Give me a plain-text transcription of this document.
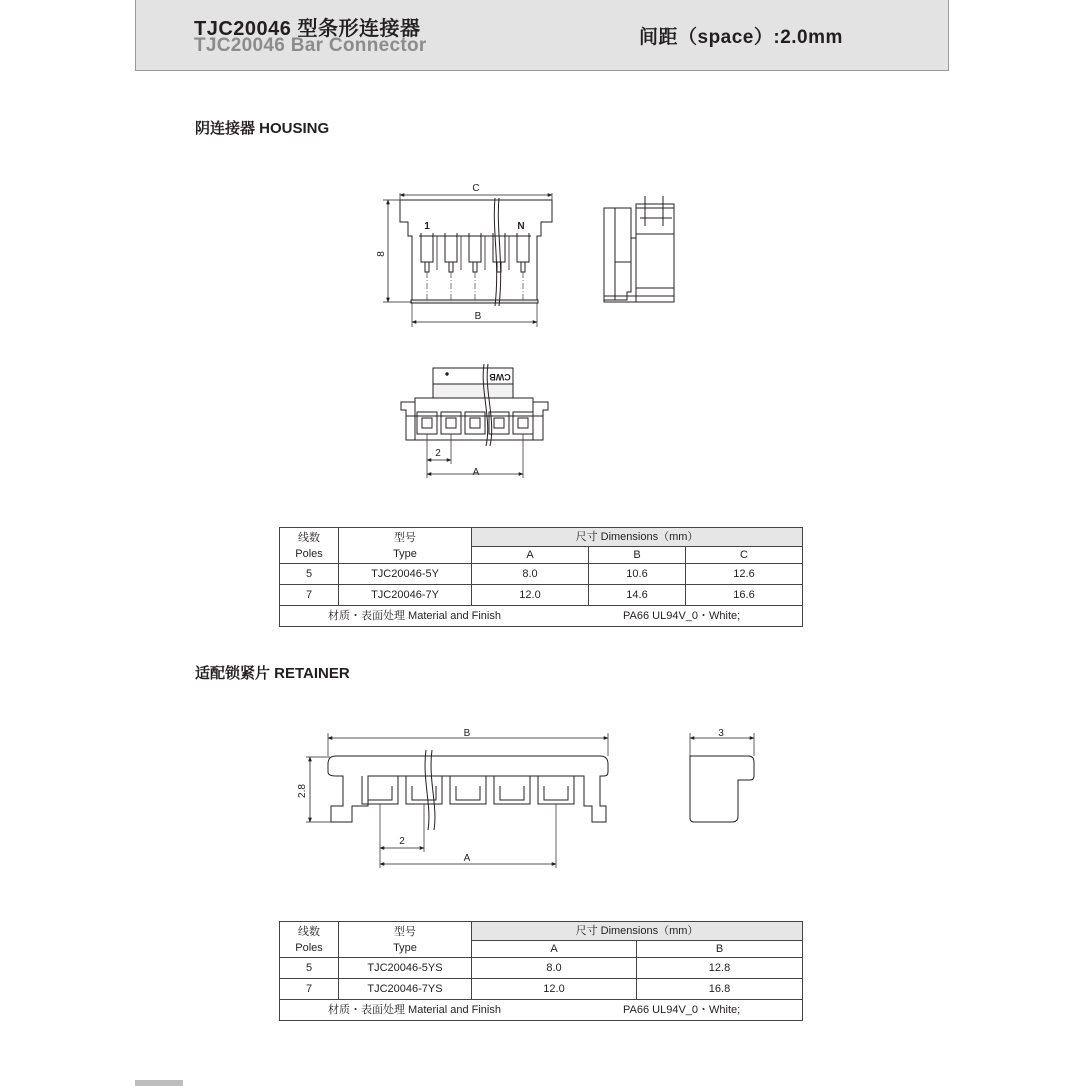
TJC20046 型条形连接器
TJC20046 Bar Connector	间距（space）:2.0mm
阴连接器 HOUSING
适配锁紧片 RETAINER
C
B
8
1	N
CWB
2
A
B
2.8
2
A
3
线数
Poles	型号
Type	尺寸 Dimensions（mm）		
		A	B	C
5	TJC20046-5Y	8.0	10.6	12.6
7	TJC20046-7Y	12.0	14.6	16.6
材质・表面处理 Material and Finish PA66 UL94V_0・White;				
线数
Poles	型号
Type	尺寸 Dimensions（mm）	
		A	B
5	TJC20046-5YS	8.0	12.8
7	TJC20046-7YS	12.0	16.8
材质・表面处理 Material and Finish PA66 UL94V_0・White;			
